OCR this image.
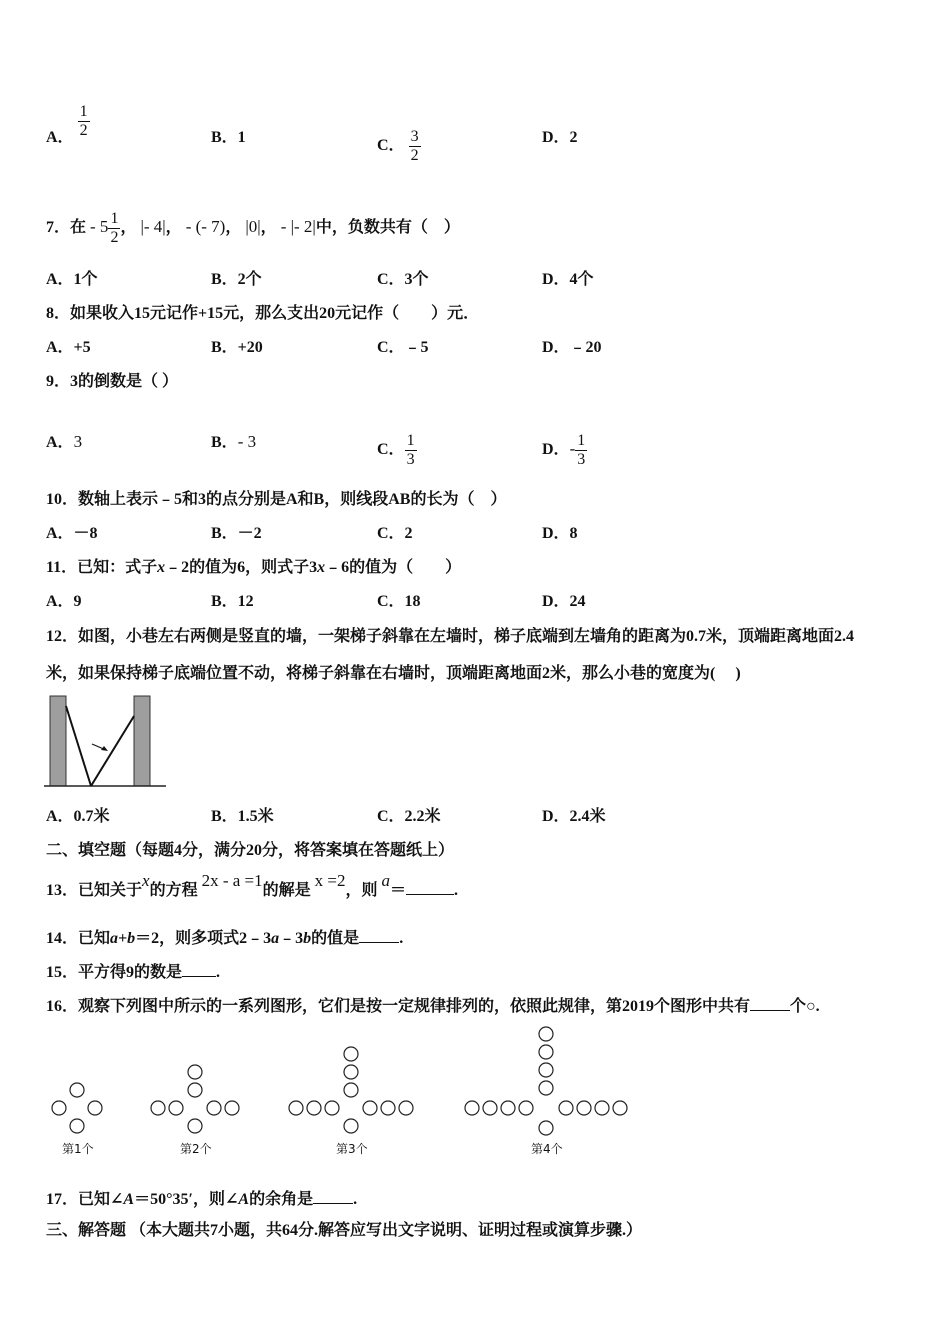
A． $\frac{1}{2}$	B．1	C． $\frac{3}{2}$	D．2
7．在 - $5 \frac{1}{2}$ ， |- 4|， - (- 7)， |0|， - |- 2|中，负数共有（　）
A．1个	B．2个	C．3个	D．4个
8．如果收入15元记作+15元，那么支出20元记作（　　）元．
A．+5	B．+20	C．﹣5	D．﹣20
9．3的倒数是（ ）
A．3	B．- 3	C． $\frac{1}{3}$	D．- $\frac{1}{3}$
10．数轴上表示﹣5和3的点分别是A和B，则线段AB的长为（　）
A．－8	B．－2	C．2	D．8
11．已知：式子x﹣2的值为6，则式子3x﹣6的值为（　　）
A．9	B．12	C．18	D．24
12．如图，小巷左右两侧是竖直的墙，一架梯子斜靠在左墙时，梯子底端到左墙角的距离为0.7米，顶端距离地面2.4
米，如果保持梯子底端位置不动，将梯子斜靠在右墙时，顶端距离地面2米，那么小巷的宽度为(　 )
A．0.7米	B．1.5米	C．2.2米	D．2.4米
二、填空题（每题4分，满分20分，将答案填在答题纸上）
13．已知关于x的方程 2x - a =1的解是 x =2，则 a＝	.
14．已知a+b＝2，则多项式2﹣3a﹣3b的值是	.
15．平方得9的数是 .
16．观察下列图中所示的一系列图形，它们是按一定规律排列的，依照此规律，第2019个图形中共有	个○.
第1个	第2个	第3个	第4个
17．已知∠A＝50°35′，则∠A的余角是	.
三、解答题 （本大题共7小题，共64分.解答应写出文字说明、证明过程或演算步骤.）
